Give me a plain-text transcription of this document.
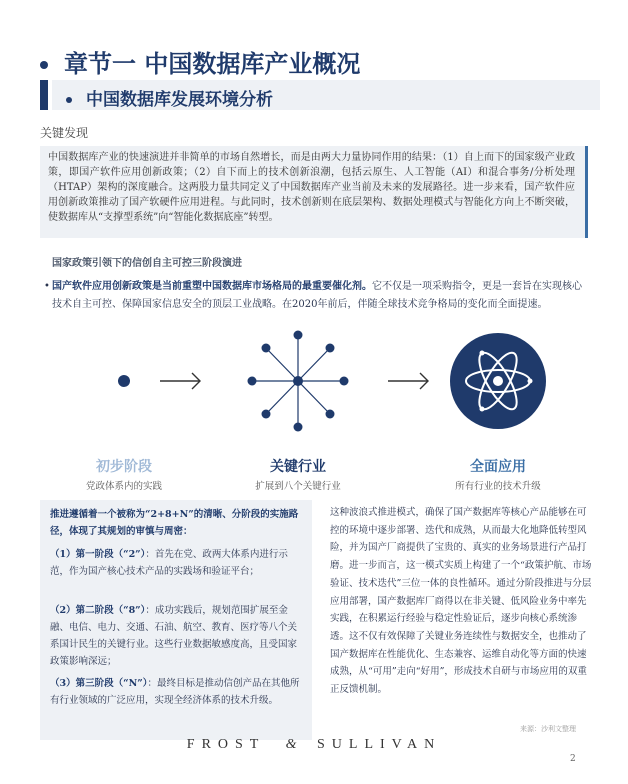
章节一 中国数据库产业概况
中国数据库发展环境分析
关键发现

中国数据库产业的快速演进并非简单的市场自然增长，而是由两大力量协同作用的结果：（1）自上而下的国家级产业政策，即国产软件应用创新政策；（2）自下而上的技术创新浪潮，包括云原生、人工智能（AI）和混合事务/分析处理（HTAP）架构的深度融合。这两股力量共同定义了中国数据库产业当前及未来的发展路径。进一步来看，国产软件应用创新政策推动了国产软硬件应用进程。与此同时，技术创新则在底层架构、数据处理模式与智能化方向上不断突破，使数据库从“支撑型系统”向“智能化数据底座”转型。

国家政策引领下的信创自主可控三阶段演进
• 国产软件应用创新政策是当前重塑中国数据库市场格局的最重要催化剂。它不仅是一项采购指令，更是一套旨在实现核心技术自主可控、保障国家信息安全的顶层工业战略。在2020年前后，伴随全球技术竞争格局的变化而全面提速。
初步阶段
党政体系内的实践
关键行业
扩展到八个关键行业
全面应用
所有行业的技术升级
推进遵循着一个被称为“2+8+N”的清晰、分阶段的实施路径，体现了其规划的审慎与周密：
（1）第一阶段（“2”）：首先在党、政两大体系内进行示范，作为国产核心技术产品的实践场和验证平台；
（2）第二阶段（“8”）：成功实践后，规划范围扩展至金融、电信、电力、交通、石油、航空、教育、医疗等八个关系国计民生的关键行业。这些行业数据敏感度高，且受国家政策影响深远；
（3）第三阶段（“N”）：最终目标是推动信创产品在其他所有行业领域的广泛应用，实现全经济体系的技术升级。
这种波浪式推进模式，确保了国产数据库等核心产品能够在可控的环境中逐步部署、迭代和成熟，从而最大化地降低转型风险，并为国产厂商提供了宝贵的、真实的业务场景进行产品打磨。进一步而言，这一模式实质上构建了一个“政策护航、市场验证、技术迭代”三位一体的良性循环。通过分阶段推进与分层应用部署，国产数据库厂商得以在非关键、低风险业务中率先实践，在积累运行经验与稳定性验证后，逐步向核心系统渗透。这不仅有效保障了关键业务连续性与数据安全，也推动了国产数据库在性能优化、生态兼容、运维自动化等方面的快速成熟，从“可用”走向“好用”，形成技术自研与市场应用的双重正反馈机制。
来源：沙利文整理
FROST & SULLIVAN
2
